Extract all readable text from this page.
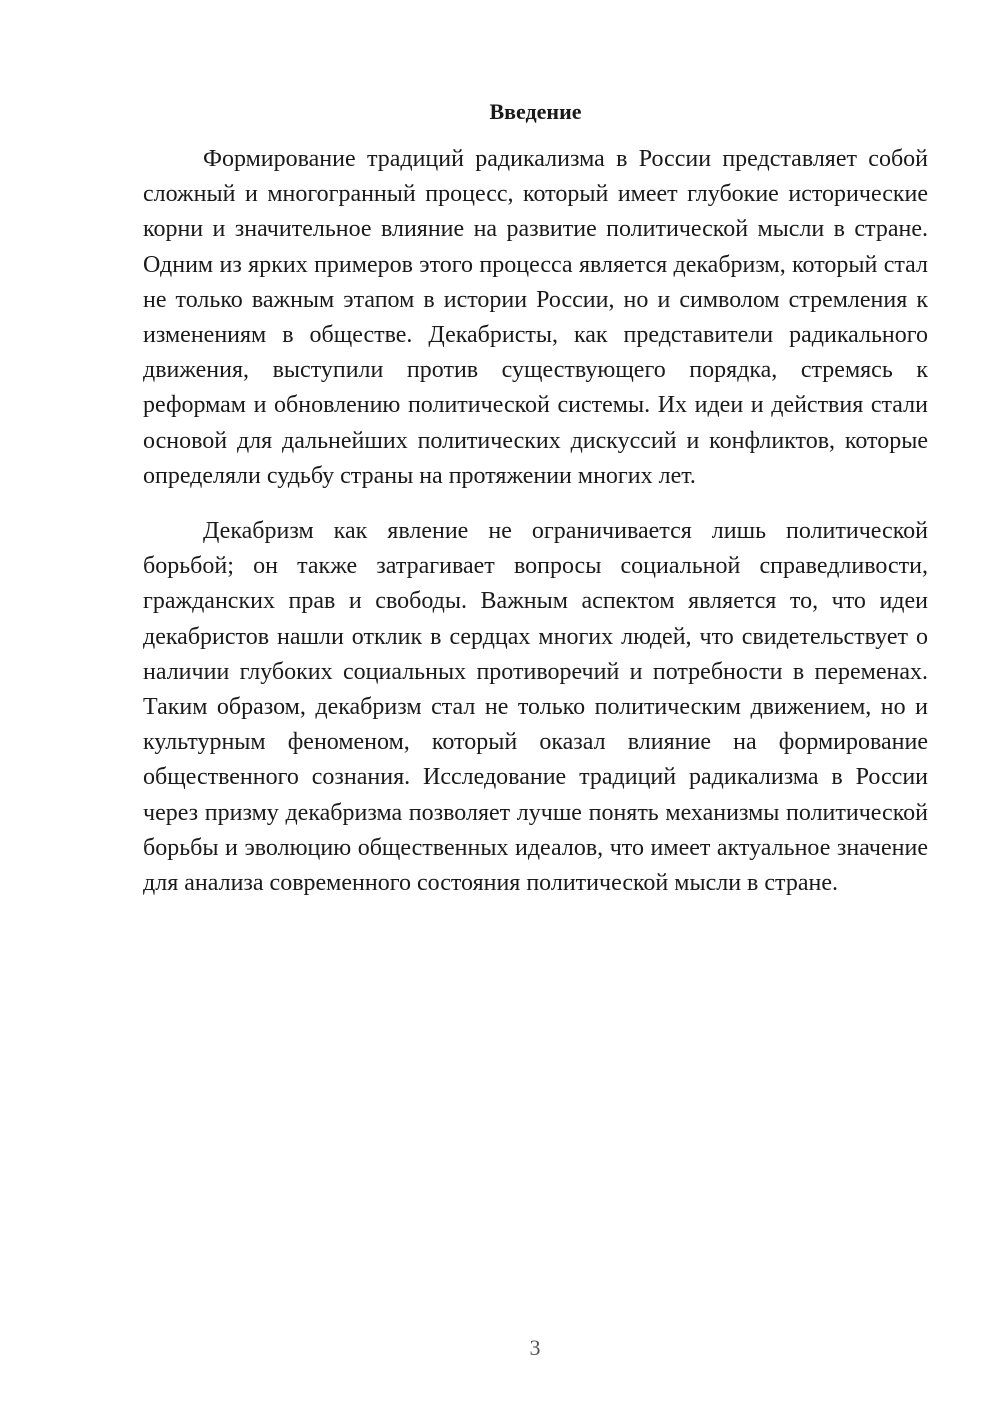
Введение

Формирование традиций радикализма в России представляет собой сложный и многогранный процесс, который имеет глубокие исторические корни и значительное влияние на развитие политической мысли в стране. Одним из ярких примеров этого процесса является декабризм, который стал не только важным этапом в истории России, но и символом стремления к изменениям в обществе. Декабристы, как представители радикального движения, выступили против существующего порядка, стремясь к реформам и обновлению политической системы. Их идеи и действия стали основой для дальнейших политических дискуссий и конфликтов, которые определяли судьбу страны на протяжении многих лет.

Декабризм как явление не ограничивается лишь политической борьбой; он также затрагивает вопросы социальной справедливости, гражданских прав и свободы. Важным аспектом является то, что идеи декабристов нашли отклик в сердцах многих людей, что свидетельствует о наличии глубоких социальных противоречий и потребности в переменах. Таким образом, декабризм стал не только политическим движением, но и культурным феноменом, который оказал влияние на формирование общественного сознания. Исследование традиций радикализма в России через призму декабризма позволяет лучше понять механизмы политической борьбы и эволюцию общественных идеалов, что имеет актуальное значение для анализа современного состояния политической мысли в стране.

3
